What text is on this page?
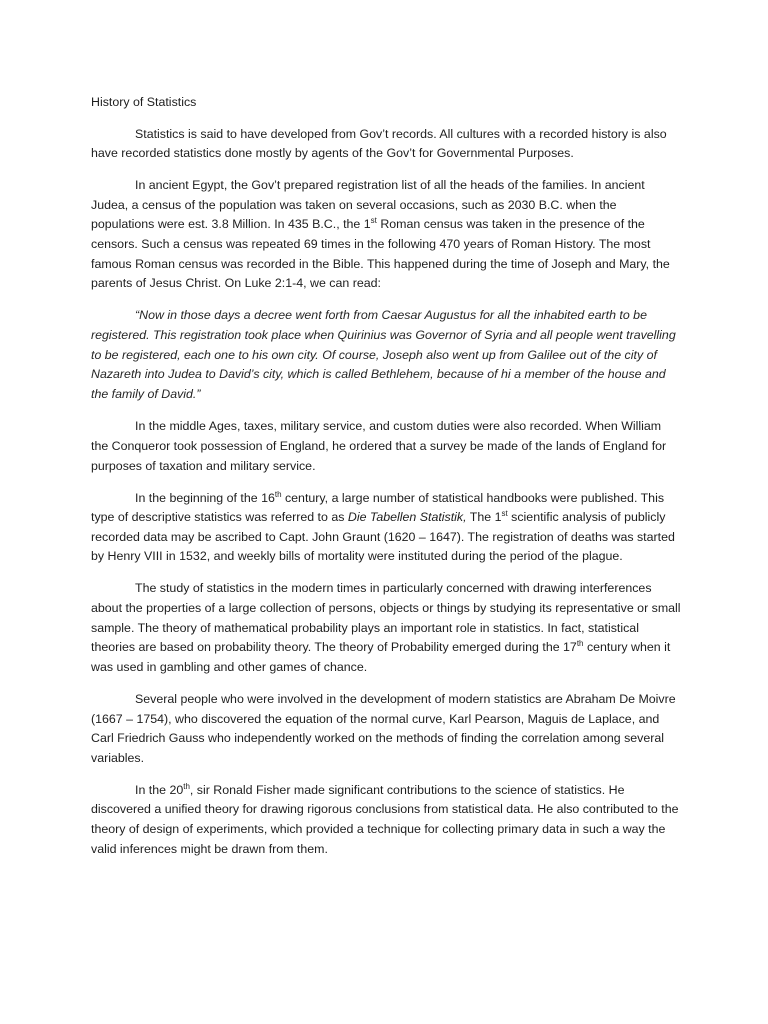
History of Statistics

Statistics is said to have developed from Gov’t records. All cultures with a recorded history is also have recorded statistics done mostly by agents of the Gov’t for Governmental Purposes.

In ancient Egypt, the Gov’t prepared registration list of all the heads of the families. In ancient Judea, a census of the population was taken on several occasions, such as 2030 B.C. when the populations were est. 3.8 Million. In 435 B.C., the 1st Roman census was taken in the presence of the censors. Such a census was repeated 69 times in the following 470 years of Roman History. The most famous Roman census was recorded in the Bible. This happened during the time of Joseph and Mary, the parents of Jesus Christ. On Luke 2:1-4, we can read:

“Now in those days a decree went forth from Caesar Augustus for all the inhabited earth to be registered. This registration took place when Quirinius was Governor of Syria and all people went travelling to be registered, each one to his own city. Of course, Joseph also went up from Galilee out of the city of Nazareth into Judea to David’s city, which is called Bethlehem, because of hi a member of the house and the family of David.”

In the middle Ages, taxes, military service, and custom duties were also recorded. When William the Conqueror took possession of England, he ordered that a survey be made of the lands of England for purposes of taxation and military service.

In the beginning of the 16th century, a large number of statistical handbooks were published. This type of descriptive statistics was referred to as Die Tabellen Statistik, The 1st scientific analysis of publicly recorded data may be ascribed to Capt. John Graunt (1620 – 1647). The registration of deaths was started by Henry VIII in 1532, and weekly bills of mortality were instituted during the period of the plague.

The study of statistics in the modern times in particularly concerned with drawing interferences about the properties of a large collection of persons, objects or things by studying its representative or small sample. The theory of mathematical probability plays an important role in statistics. In fact, statistical theories are based on probability theory. The theory of Probability emerged during the 17th century when it was used in gambling and other games of chance.

Several people who were involved in the development of modern statistics are Abraham De Moivre (1667 – 1754), who discovered the equation of the normal curve, Karl Pearson, Maguis de Laplace, and Carl Friedrich Gauss who independently worked on the methods of finding the correlation among several variables.

In the 20th, sir Ronald Fisher made significant contributions to the science of statistics. He discovered a unified theory for drawing rigorous conclusions from statistical data. He also contributed to the theory of design of experiments, which provided a technique for collecting primary data in such a way the valid inferences might be drawn from them.
